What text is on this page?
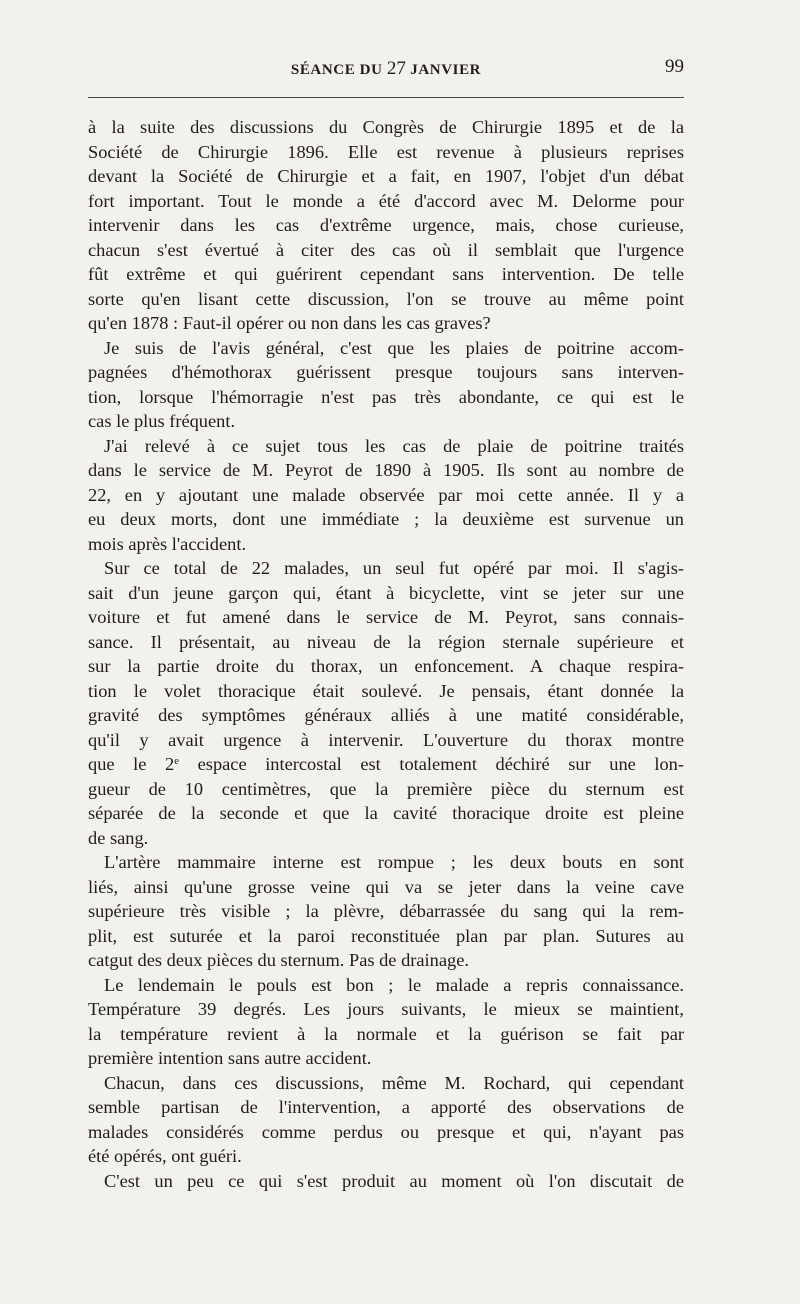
SÉANCE DU 27 JANVIER	99

à la suite des discussions du Congrès de Chirurgie 1895 et de la

Société de Chirurgie 1896. Elle est revenue à plusieurs reprises

devant la Société de Chirurgie et a fait, en 1907, l'objet d'un débat

fort important. Tout le monde a été d'accord avec M. Delorme pour

intervenir dans les cas d'extrême urgence, mais, chose curieuse,

chacun s'est évertué à citer des cas où il semblait que l'urgence

fût extrême et qui guérirent cependant sans intervention. De telle

sorte qu'en lisant cette discussion, l'on se trouve au même point

qu'en 1878 : Faut-il opérer ou non dans les cas graves?

Je suis de l'avis général, c'est que les plaies de poitrine accom-

pagnées d'hémothorax guérissent presque toujours sans interven-

tion, lorsque l'hémorragie n'est pas très abondante, ce qui est le

cas le plus fréquent.

J'ai relevé à ce sujet tous les cas de plaie de poitrine traités

dans le service de M. Peyrot de 1890 à 1905. Ils sont au nombre de

22, en y ajoutant une malade observée par moi cette année. Il y a

eu deux morts, dont une immédiate ; la deuxième est survenue un

mois après l'accident.

Sur ce total de 22 malades, un seul fut opéré par moi. Il s'agis-

sait d'un jeune garçon qui, étant à bicyclette, vint se jeter sur une

voiture et fut amené dans le service de M. Peyrot, sans connais-

sance. Il présentait, au niveau de la région sternale supérieure et

sur la partie droite du thorax, un enfoncement. A chaque respira-

tion le volet thoracique était soulevé. Je pensais, étant donnée la

gravité des symptômes généraux alliés à une matité considérable,

qu'il y avait urgence à intervenir. L'ouverture du thorax montre

que le 2e espace intercostal est totalement déchiré sur une lon-

gueur de 10 centimètres, que la première pièce du sternum est

séparée de la seconde et que la cavité thoracique droite est pleine

de sang.

L'artère mammaire interne est rompue ; les deux bouts en sont

liés, ainsi qu'une grosse veine qui va se jeter dans la veine cave

supérieure très visible ; la plèvre, débarrassée du sang qui la rem-

plit, est suturée et la paroi reconstituée plan par plan. Sutures au

catgut des deux pièces du sternum. Pas de drainage.

Le lendemain le pouls est bon ; le malade a repris connaissance.

Température 39 degrés. Les jours suivants, le mieux se maintient,

la température revient à la normale et la guérison se fait par

première intention sans autre accident.

Chacun, dans ces discussions, même M. Rochard, qui cependant

semble partisan de l'intervention, a apporté des observations de

malades considérés comme perdus ou presque et qui, n'ayant pas

été opérés, ont guéri.

C'est un peu ce qui s'est produit au moment où l'on discutait de
